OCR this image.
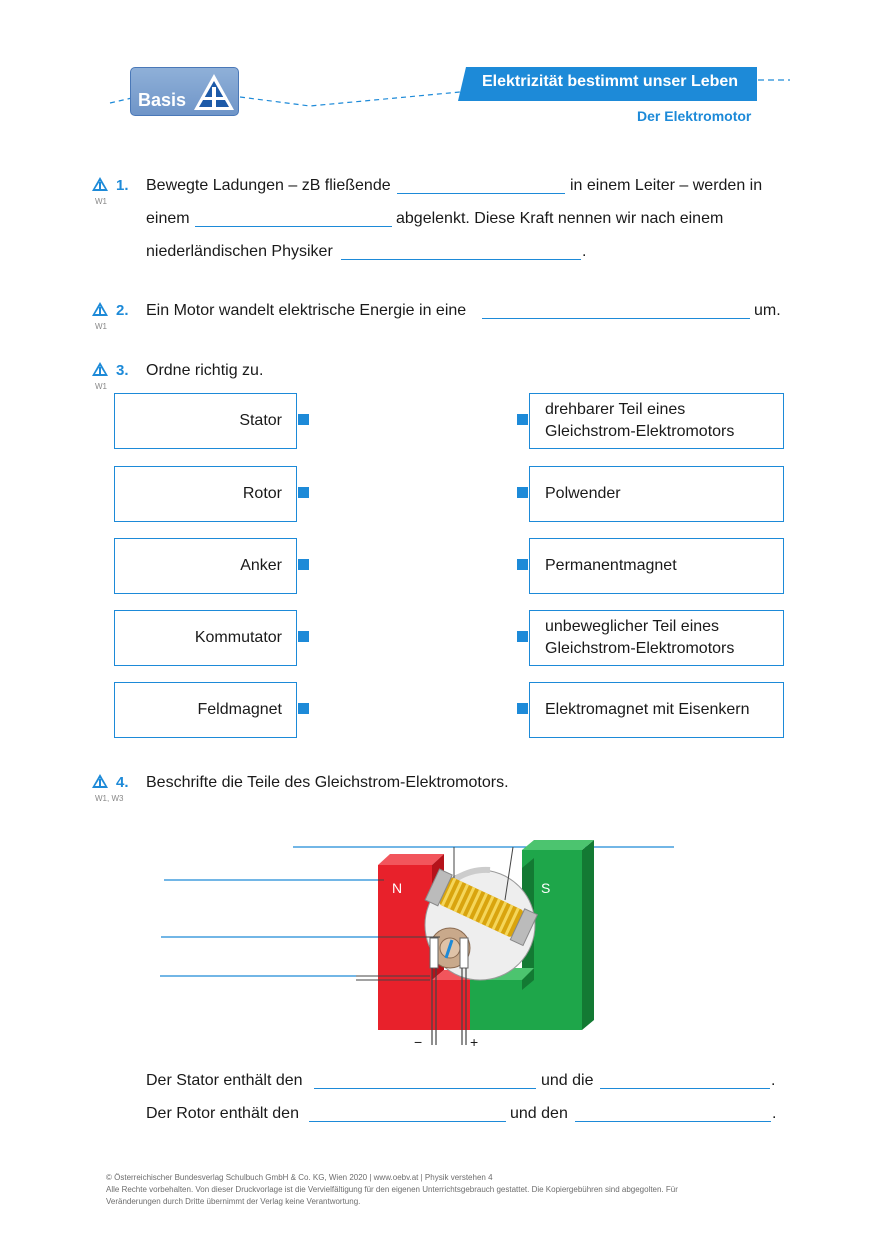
Basis
Elektrizität bestimmt unser Leben
Der Elektromotor
W1
1. Bewegte Ladungen – zB fließende	in einem Leiter – werden in
einem	abgelenkt. Diese Kraft nennen wir nach einem
niederländischen Physiker	.
W1
2. Ein Motor wandelt elektrische Energie in eine	um.
W1
3. Ordne richtig zu.
Stator
Rotor
Anker
Kommutator
Feldmagnet
drehbarer Teil eines Gleichstrom-Elektromotors
Polwender
Permanentmagnet
unbeweglicher Teil eines Gleichstrom-Elektromotors
Elektromagnet mit Eisenkern
W1, W3
4. Beschrifte die Teile des Gleichstrom-Elektromotors.
N	S
−	+
Der Stator enthält den	und die	.
Der Rotor enthält den	und den	.
© Österreichischer Bundesverlag Schulbuch GmbH & Co. KG, Wien 2020 | www.oebv.at | Physik verstehen 4
Alle Rechte vorbehalten. Von dieser Druckvorlage ist die Vervielfältigung für den eigenen Unterrichtsgebrauch gestattet. Die Kopiergebühren sind abgegolten. Für
Veränderungen durch Dritte übernimmt der Verlag keine Verantwortung.
